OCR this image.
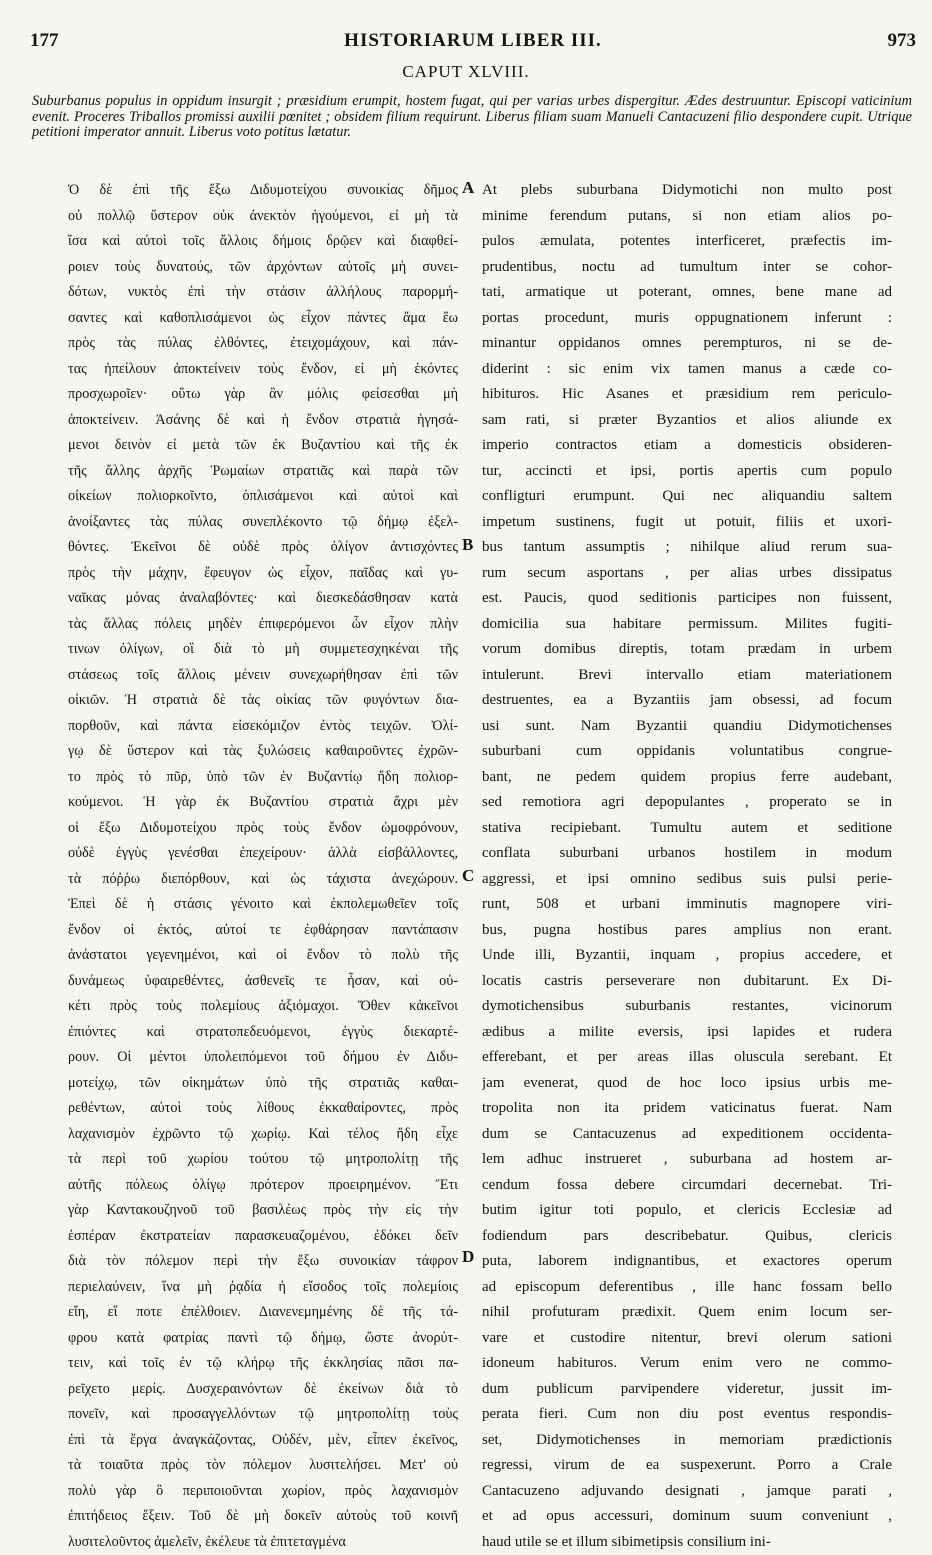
177	HISTORIARUM LIBER III.	973
CAPUT XLVIII.
Suburbanus populus in oppidum insurgit ; præsidium erumpit, hostem fugat, qui per varias urbes dispergitur. Ædes destruuntur. Episcopi vaticinium evenit. Proceres Triballos promissi auxilii pœnitet ; obsidem filium requirunt. Liberus filiam suam Manueli Cantacuzeni filio despondere cupit. Utrique petitioni imperator annuit. Liberus voto potitus lætatur.
Ὁ δὲ ἐπὶ τῆς ἔξω Διδυμοτείχου συνοικίας δῆμος
οὐ πολλῷ ὕστερον οὐκ ἀνεκτὸν ἡγούμενοι, εἰ μὴ τὰ
ἴσα καὶ αὐτοὶ τοῖς ἄλλοις δήμοις δρῷεν καὶ διαφθεί-
ροιεν τοὺς δυνατούς, τῶν ἀρχόντων αὐτοῖς μὴ συνει-
δότων, νυκτὸς ἐπὶ τὴν στάσιν ἀλλήλους παρορμή-
σαντες καὶ καθοπλισάμενοι ὡς εἶχον πάντες ἅμα ἕω
πρὸς τὰς πύλας ἐλθόντες, ἐτειχομάχουν, καὶ πάν-
τας ἠπείλουν ἀποκτείνειν τοὺς ἔνδον, εἰ μὴ ἑκόντες
προσχωροῖεν· οὕτω γὰρ ἂν μόλις φείσεσθαι μὴ
ἀποκτείνειν. Ἀσάνης δὲ καὶ ἡ ἔνδον στρατιὰ ἡγησά-
μενοι δεινὸν εἰ μετὰ τῶν ἐκ Βυζαντίου καὶ τῆς ἐκ
τῆς ἄλλης ἀρχῆς Ῥωμαίων στρατιᾶς καὶ παρὰ τῶν
οἰκείων πολιορκοῖντο, ὁπλισάμενοι καὶ αὐτοὶ καὶ
ἀνοίξαντες τὰς πύλας συνεπλέκοντο τῷ δήμῳ ἐξελ-
θόντες. Ἐκεῖνοι δὲ οὐδὲ πρὸς ὀλίγον ἀντισχόντες
πρὸς τὴν μάχην, ἔφευγον ὡς εἶχον, παῖδας καὶ γυ-
ναῖκας μόνας ἀναλαβόντες· καὶ διεσκεδάσθησαν κατὰ
τὰς ἄλλας πόλεις μηδὲν ἐπιφερόμενοι ὧν εἶχον πλὴν
τινων ὀλίγων, οἳ διὰ τὸ μὴ συμμετεσχηκέναι τῆς
στάσεως τοῖς ἄλλοις μένειν συνεχωρήθησαν ἐπὶ τῶν
οἰκιῶν. Ἡ στρατιὰ δὲ τὰς οἰκίας τῶν φυγόντων δια-
πορθοῦν, καὶ πάντα εἰσεκόμιζον ἐντὸς τειχῶν. Ὀλί-
γῳ δὲ ὕστερον καὶ τὰς ξυλώσεις καθαιροῦντες ἐχρῶν-
το πρὸς τὸ πῦρ, ὑπὸ τῶν ἐν Βυζαντίῳ ἤδη πολιορ-
κούμενοι. Ἡ γὰρ ἐκ Βυζαντίου στρατιὰ ἄχρι μὲν
οἱ ἔξω Διδυμοτείχου πρὸς τοὺς ἔνδον ὡμοφρόνουν,
οὐδὲ ἐγγὺς γενέσθαι ἐπεχείρουν· ἀλλὰ εἰσβάλλοντες,
τὰ πόῤῥω διεπόρθουν, καὶ ὡς τάχιστα ἀνεχώρουν.
Ἐπεὶ δὲ ἡ στάσις γένοιτο καὶ ἐκπολεμωθεῖεν τοῖς
ἔνδον οἱ ἐκτός, αὐτοί τε ἐφθάρησαν παντάπασιν
ἀνάστατοι γεγενημένοι, καὶ οἱ ἔνδον τὸ πολὺ τῆς
δυνάμεως ὑφαιρεθέντες, ἀσθενεῖς τε ἦσαν, καὶ οὐ-
κέτι πρὸς τοὺς πολεμίους ἀξιόμαχοι. Ὅθεν κἀκεῖνοι
ἐπιόντες καὶ στρατοπεδευόμενοι, ἐγγὺς διεκαρτέ-
ρουν. Οἱ μέντοι ὑπολειπόμενοι τοῦ δήμου ἐν Διδυ-
μοτείχῳ, τῶν οἰκημάτων ὑπὸ τῆς στρατιᾶς καθαι-
ρεθέντων, αὐτοὶ τοὺς λίθους ἐκκαθαίροντες, πρὸς
λαχανισμὸν ἐχρῶντο τῷ χωρίῳ. Καὶ τέλος ἤδη εἶχε
τὰ περὶ τοῦ χωρίου τούτου τῷ μητροπολίτῃ τῆς
αὐτῆς πόλεως ὀλίγῳ πρότερον προειρημένον. Ἔτι
γὰρ Καντακουζηνοῦ τοῦ βασιλέως πρὸς τὴν εἰς τὴν
ἑσπέραν ἐκστρατείαν παρασκευαζομένου, ἐδόκει δεῖν
διὰ τὸν πόλεμον περὶ τὴν ἔξω συνοικίαν τάφρον
περιελαύνειν, ἵνα μὴ ῥᾳδία ἡ εἴσοδος τοῖς πολεμίοις
εἴη, εἴ ποτε ἐπέλθοιεν. Διανενεμημένης δὲ τῆς τά-
φρου κατὰ φατρίας παντὶ τῷ δήμῳ, ὥστε ἀνορύτ-
τειν, καὶ τοῖς ἐν τῷ κλήρῳ τῆς ἐκκλησίας πᾶσι πα-
ρεῖχετο μερίς. Δυσχεραινόντων δὲ ἐκείνων διὰ τὸ
πονεῖν, καὶ προσαγγελλόντων τῷ μητροπολίτῃ τοὺς
ἐπὶ τὰ ἔργα ἀναγκάζοντας, Οὐδέν, μὲν, εἶπεν ἐκεῖνος,
τὰ τοιαῦτα πρὸς τὸν πόλεμον λυσιτελήσει. Μετ' οὐ
πολὺ γὰρ ὃ περιποιοῦνται χωρίον, πρὸς λαχανισμὸν
ἐπιτήδειος ἕξειν. Τοῦ δὲ μὴ δοκεῖν αὐτοὺς τοῦ κοινῆ
λυσιτελοῦντος ἀμελεῖν, ἐκέλευε τὰ ἐπιτεταγμένα
At plebs suburbana Didymotichi non multo post
minime ferendum putans, si non etiam alios po-
pulos æmulata, potentes interficeret, præfectis im-
prudentibus, noctu ad tumultum inter se cohor-
tati, armatique ut poterant, omnes, bene mane ad
portas procedunt, muris oppugnationem inferunt :
minantur oppidanos omnes perempturos, ni se de-
diderint : sic enim vix tamen manus a cæde co-
hibituros. Hic Asanes et præsidium rem periculo-
sam rati, si præter Byzantios et alios aliunde ex
imperio contractos etiam a domesticis obsideren-
tur, accincti et ipsi, portis apertis cum populo
confligturi erumpunt. Qui nec aliquandiu saltem
impetum sustinens, fugit ut potuit, filiis et uxori-
bus tantum assumptis ; nihilque aliud rerum sua-
rum secum asportans , per alias urbes dissipatus
est. Paucis, quod seditionis participes non fuissent,
domicilia sua habitare permissum. Milites fugiti-
vorum domibus direptis, totam prædam in urbem
intulerunt. Brevi intervallo etiam materiationem
destruentes, ea a Byzantiis jam obsessi, ad focum
usi sunt. Nam Byzantii quandiu Didymotichenses
suburbani cum oppidanis voluntatibus congrue-
bant, ne pedem quidem propius ferre audebant,
sed remotiora agri depopulantes , properato se in
stativa recipiebant. Tumultu autem et seditione
conflata suburbani urbanos hostilem in modum
aggressi, et ipsi omnino sedibus suis pulsi perie-
runt, 508 et urbani imminutis magnopere viri-
bus, pugna hostibus pares amplius non erant.
Unde illi, Byzantii, inquam , propius accedere, et
locatis castris perseverare non dubitarunt. Ex Di-
dymotichensibus suburbanis restantes, vicinorum
ædibus a milite eversis, ipsi lapides et rudera
efferebant, et per areas illas olusculа serebant. Et
jam evenerat, quod de hoc loco ipsius urbis me-
tropolita non ita pridem vaticinatus fuerat. Nam
dum se Cantacuzenus ad expeditionem occidenta-
lem adhuc instrueret , suburbana ad hostem ar-
cendum fossa debere circumdari decernebat. Tri-
butim igitur toti populo, et clericis Ecclesiæ ad
fodiendum pars describebatur. Quibus, clericis
puta, laborem indignantibus, et exactores operum
ad episcopum deferentibus , ille hanc fossam bello
nihil profuturam prædixit. Quem enim locum ser-
vare et custodire nitentur, brevi olerum sationi
idoneum habituros. Verum enim vero ne commo-
dum publicum parvipendere videretur, jussit im-
perata fieri. Cum non diu post eventus respondis-
set, Didymotichenses in memoriam prædictionis
regressi, virum de ea suspexerunt. Porro a Crale
Cantacuzeno adjuvando designati , jamque parati ,
et ad opus accessuri, dominum suum conveniunt ,
haud utile se et illum sibimetipsis consilium ini-
A
B
C
D
